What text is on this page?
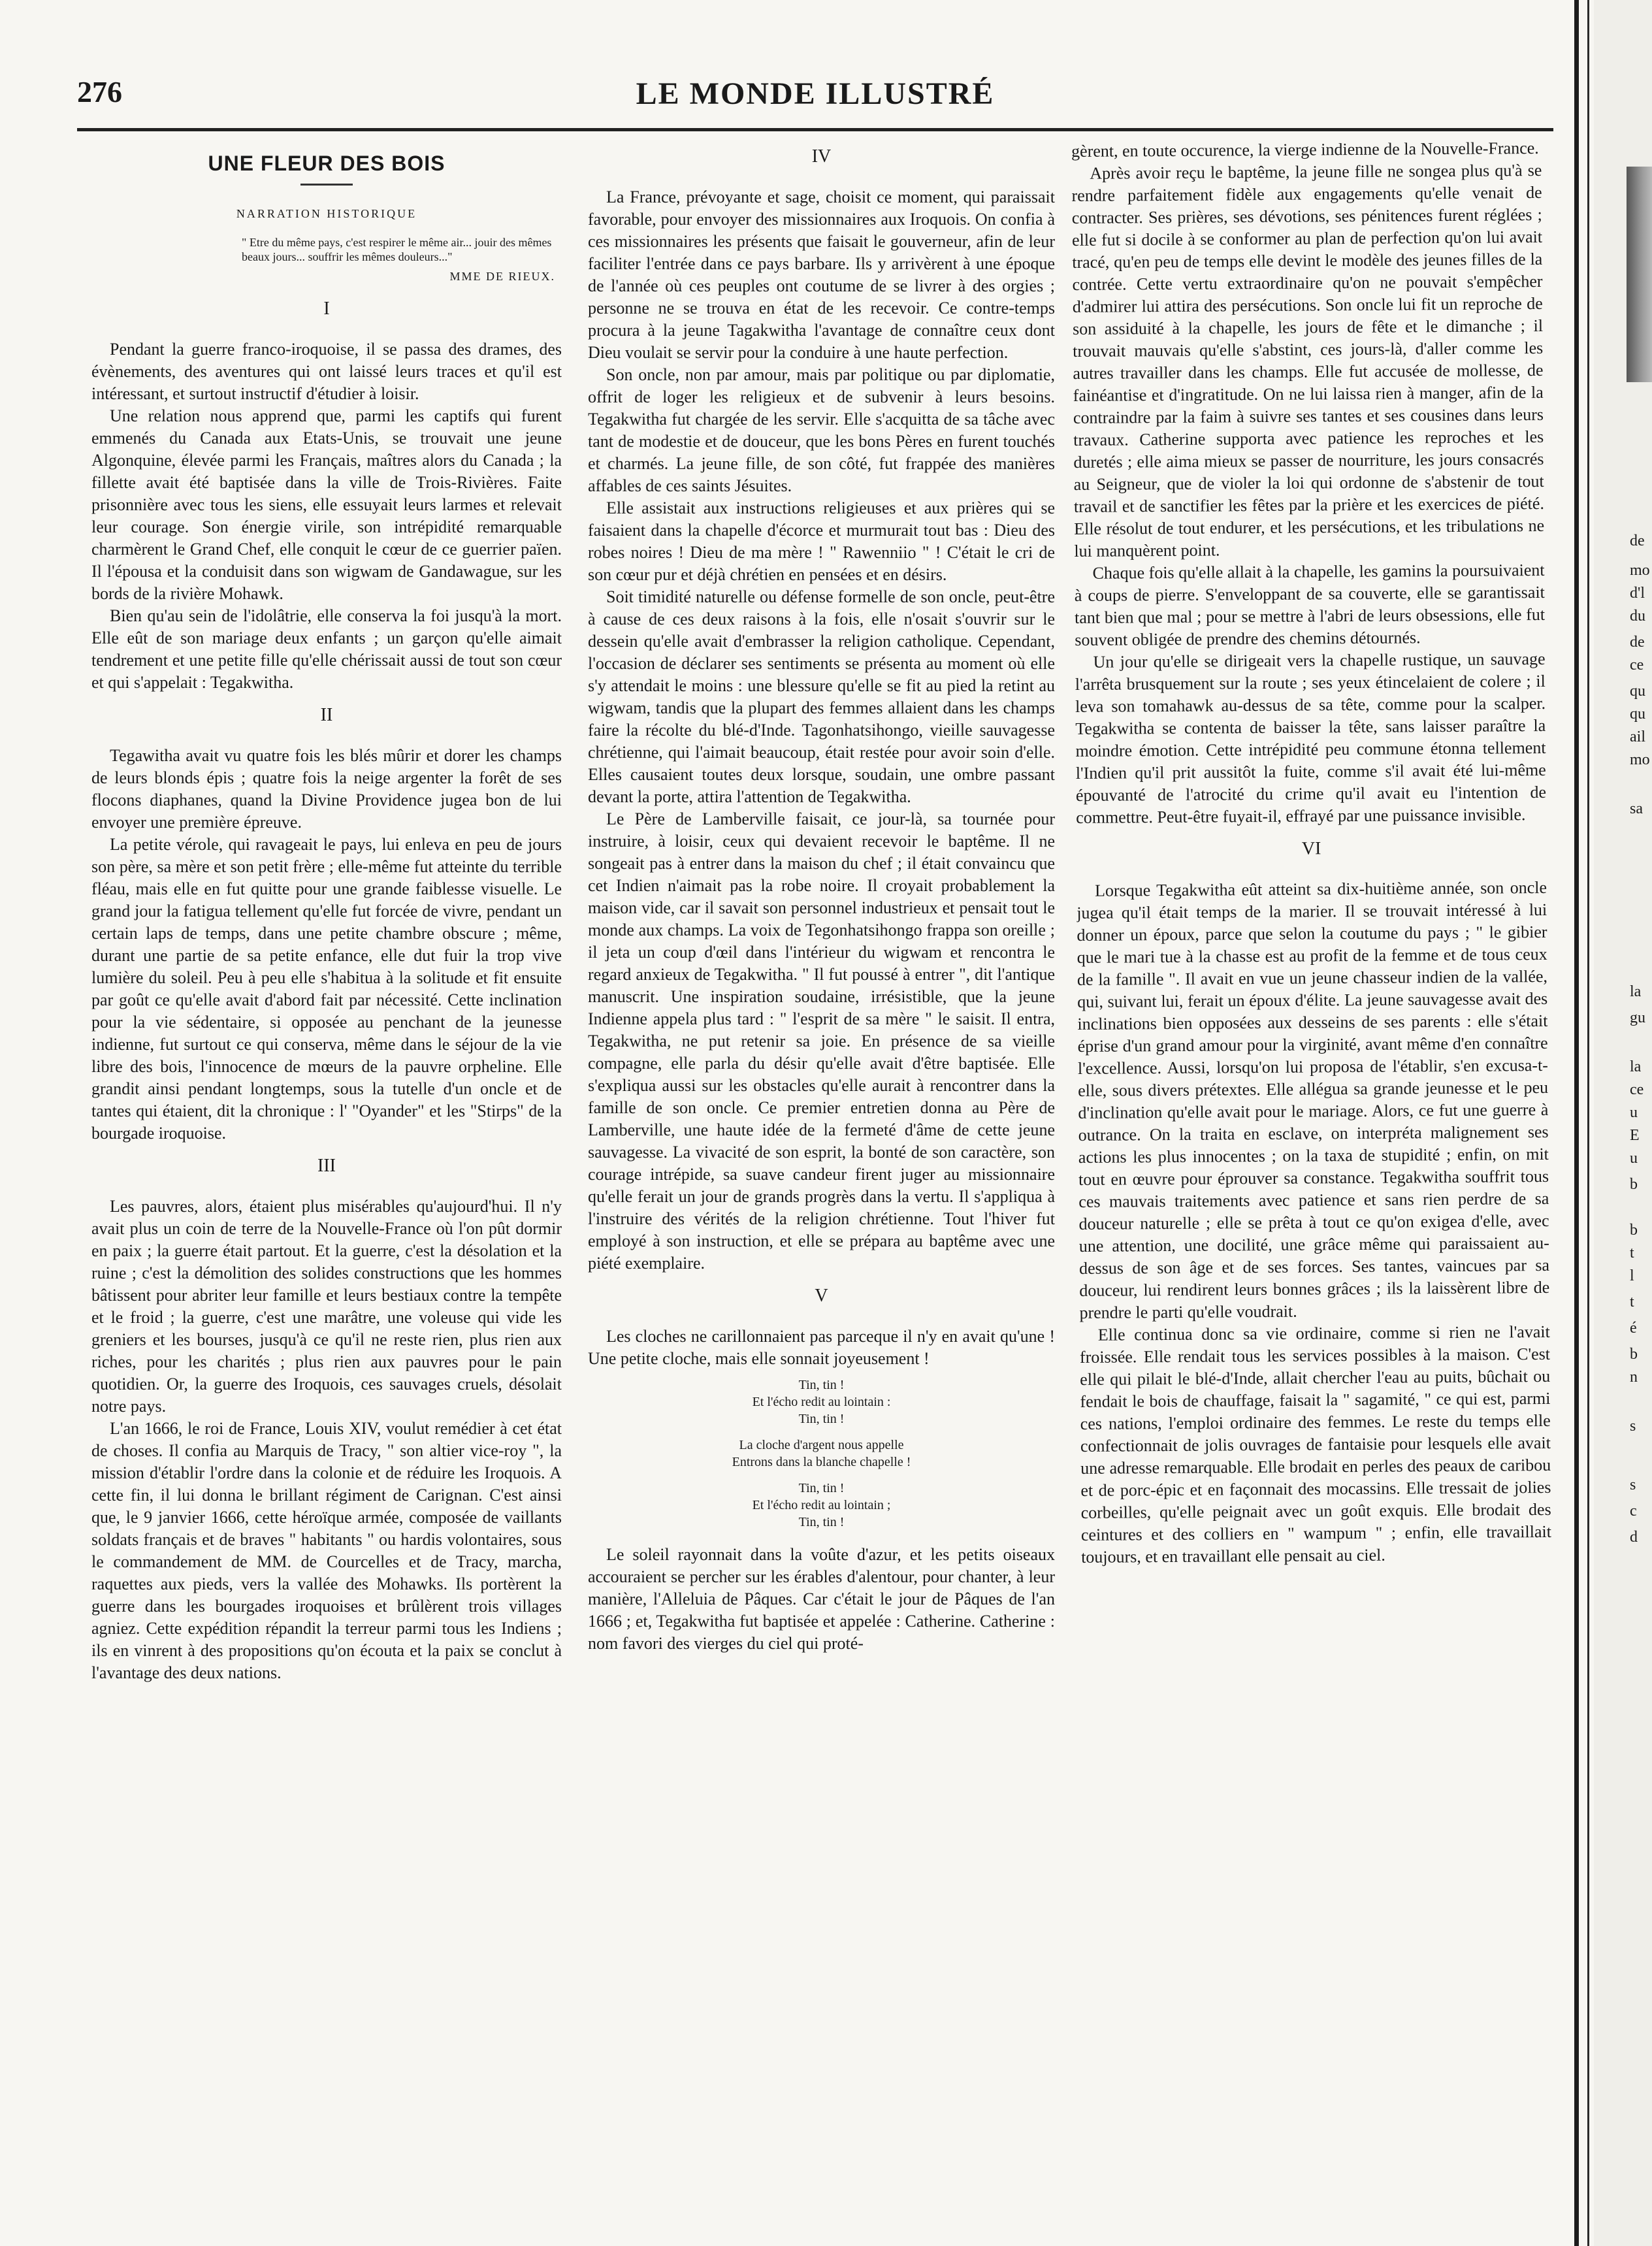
276	LE MONDE ILLUSTRÉ
UNE FLEUR DES BOIS
NARRATION HISTORIQUE
" Etre du même pays, c'est respirer le même air... jouir des mêmes beaux jours... souffrir les mêmes douleurs..."
MME DE RIEUX.
I

Pendant la guerre franco-iroquoise, il se passa des drames, des évènements, des aventures qui ont laissé leurs traces et qu'il est intéressant, et surtout instructif d'étudier à loisir.

Une relation nous apprend que, parmi les captifs qui furent emmenés du Canada aux Etats-Unis, se trouvait une jeune Algonquine, élevée parmi les Français, maîtres alors du Canada ; la fillette avait été baptisée dans la ville de Trois-Rivières. Faite prisonnière avec tous les siens, elle essuyait leurs larmes et relevait leur courage. Son énergie virile, son intrépidité remarquable charmèrent le Grand Chef, elle conquit le cœur de ce guerrier païen. Il l'épousa et la conduisit dans son wigwam de Gandawague, sur les bords de la rivière Mohawk.

Bien qu'au sein de l'idolâtrie, elle conserva la foi jusqu'à la mort. Elle eût de son mariage deux enfants ; un garçon qu'elle aimait tendrement et une petite fille qu'elle chérissait aussi de tout son cœur et qui s'appelait : Tegakwitha.

II

Tegawitha avait vu quatre fois les blés mûrir et dorer les champs de leurs blonds épis ; quatre fois la neige argenter la forêt de ses flocons diaphanes, quand la Divine Providence jugea bon de lui envoyer une première épreuve.

La petite vérole, qui ravageait le pays, lui enleva en peu de jours son père, sa mère et son petit frère ; elle-même fut atteinte du terrible fléau, mais elle en fut quitte pour une grande faiblesse visuelle. Le grand jour la fatigua tellement qu'elle fut forcée de vivre, pendant un certain laps de temps, dans une petite chambre obscure ; même, durant une partie de sa petite enfance, elle dut fuir la trop vive lumière du soleil. Peu à peu elle s'habitua à la solitude et fit ensuite par goût ce qu'elle avait d'abord fait par nécessité. Cette inclination pour la vie sédentaire, si opposée au penchant de la jeunesse indienne, fut surtout ce qui conserva, même dans le séjour de la vie libre des bois, l'innocence de mœurs de la pauvre orpheline. Elle grandit ainsi pendant longtemps, sous la tutelle d'un oncle et de tantes qui étaient, dit la chronique : l' "Oyander" et les "Stirps" de la bourgade iroquoise.

III

Les pauvres, alors, étaient plus misérables qu'aujourd'hui. Il n'y avait plus un coin de terre de la Nouvelle-France où l'on pût dormir en paix ; la guerre était partout. Et la guerre, c'est la désolation et la ruine ; c'est la démolition des solides constructions que les hommes bâtissent pour abriter leur famille et leurs bestiaux contre la tempête et le froid ; la guerre, c'est une marâtre, une voleuse qui vide les greniers et les bourses, jusqu'à ce qu'il ne reste rien, plus rien aux riches, pour les charités ; plus rien aux pauvres pour le pain quotidien. Or, la guerre des Iroquois, ces sauvages cruels, désolait notre pays.

L'an 1666, le roi de France, Louis XIV, voulut remédier à cet état de choses. Il confia au Marquis de Tracy, " son altier vice-roy ", la mission d'établir l'ordre dans la colonie et de réduire les Iroquois. A cette fin, il lui donna le brillant régiment de Carignan. C'est ainsi que, le 9 janvier 1666, cette héroïque armée, composée de vaillants soldats français et de braves " habitants " ou hardis volontaires, sous le commandement de MM. de Courcelles et de Tracy, marcha, raquettes aux pieds, vers la vallée des Mohawks. Ils portèrent la guerre dans les bourgades iroquoises et brûlèrent trois villages agniez. Cette expédition répandit la terreur parmi tous les Indiens ; ils en vinrent à des propositions qu'on écouta et la paix se conclut à l'avantage des deux nations.

IV

La France, prévoyante et sage, choisit ce moment, qui paraissait favorable, pour envoyer des missionnaires aux Iroquois. On confia à ces missionnaires les présents que faisait le gouverneur, afin de leur faciliter l'entrée dans ce pays barbare. Ils y arrivèrent à une époque de l'année où ces peuples ont coutume de se livrer à des orgies ; personne ne se trouva en état de les recevoir. Ce contre-temps procura à la jeune Tagakwitha l'avantage de connaître ceux dont Dieu voulait se servir pour la conduire à une haute perfection.

Son oncle, non par amour, mais par politique ou par diplomatie, offrit de loger les religieux et de subvenir à leurs besoins. Tegakwitha fut chargée de les servir. Elle s'acquitta de sa tâche avec tant de modestie et de douceur, que les bons Pères en furent touchés et charmés. La jeune fille, de son côté, fut frappée des manières affables de ces saints Jésuites.

Elle assistait aux instructions religieuses et aux prières qui se faisaient dans la chapelle d'écorce et murmurait tout bas : Dieu des robes noires ! Dieu de ma mère ! " Rawenniio " ! C'était le cri de son cœur pur et déjà chrétien en pensées et en désirs.

Soit timidité naturelle ou défense formelle de son oncle, peut-être à cause de ces deux raisons à la fois, elle n'osait s'ouvrir sur le dessein qu'elle avait d'embrasser la religion catholique. Cependant, l'occasion de déclarer ses sentiments se présenta au moment où elle s'y attendait le moins : une blessure qu'elle se fit au pied la retint au wigwam, tandis que la plupart des femmes allaient dans les champs faire la récolte du blé-d'Inde. Tagonhatsihongo, vieille sauvagesse chrétienne, qui l'aimait beaucoup, était restée pour avoir soin d'elle. Elles causaient toutes deux lorsque, soudain, une ombre passant devant la porte, attira l'attention de Tegakwitha.

Le Père de Lamberville faisait, ce jour-là, sa tournée pour instruire, à loisir, ceux qui devaient recevoir le baptême. Il ne songeait pas à entrer dans la maison du chef ; il était convaincu que cet Indien n'aimait pas la robe noire. Il croyait probablement la maison vide, car il savait son personnel industrieux et pensait tout le monde aux champs. La voix de Tegonhatsihongo frappa son oreille ; il jeta un coup d'œil dans l'intérieur du wigwam et rencontra le regard anxieux de Tegakwitha. " Il fut poussé à entrer ", dit l'antique manuscrit. Une inspiration soudaine, irrésistible, que la jeune Indienne appela plus tard : " l'esprit de sa mère " le saisit. Il entra, Tegakwitha, ne put retenir sa joie. En présence de sa vieille compagne, elle parla du désir qu'elle avait d'être baptisée. Elle s'expliqua aussi sur les obstacles qu'elle aurait à rencontrer dans la famille de son oncle. Ce premier entretien donna au Père de Lamberville, une haute idée de la fermeté d'âme de cette jeune sauvagesse. La vivacité de son esprit, la bonté de son caractère, son courage intrépide, sa suave candeur firent juger au missionnaire qu'elle ferait un jour de grands progrès dans la vertu. Il s'appliqua à l'instruire des vérités de la religion chrétienne. Tout l'hiver fut employé à son instruction, et elle se prépara au baptême avec une piété exemplaire.

V

Les cloches ne carillonnaient pas parceque il n'y en avait qu'une ! Une petite cloche, mais elle sonnait joyeusement !

Tin, tin !
Et l'écho redit au lointain :
Tin, tin !
La cloche d'argent nous appelle
Entrons dans la blanche chapelle !
Tin, tin !
Et l'écho redit au lointain ;
Tin, tin !

Le soleil rayonnait dans la voûte d'azur, et les petits oiseaux accouraient se percher sur les érables d'alentour, pour chanter, à leur manière, l'Alleluia de Pâques. Car c'était le jour de Pâques de l'an 1666 ; et, Tegakwitha fut baptisée et appelée : Catherine. Catherine : nom favori des vierges du ciel qui proté-

gèrent, en toute occurence, la vierge indienne de la Nouvelle-France.

Après avoir reçu le baptême, la jeune fille ne songea plus qu'à se rendre parfaitement fidèle aux engagements qu'elle venait de contracter. Ses prières, ses dévotions, ses pénitences furent réglées ; elle fut si docile à se conformer au plan de perfection qu'on lui avait tracé, qu'en peu de temps elle devint le modèle des jeunes filles de la contrée. Cette vertu extraordinaire qu'on ne pouvait s'empêcher d'admirer lui attira des persécutions. Son oncle lui fit un reproche de son assiduité à la chapelle, les jours de fête et le dimanche ; il trouvait mauvais qu'elle s'abstint, ces jours-là, d'aller comme les autres travailler dans les champs. Elle fut accusée de mollesse, de fainéantise et d'ingratitude. On ne lui laissa rien à manger, afin de la contraindre par la faim à suivre ses tantes et ses cousines dans leurs travaux. Catherine supporta avec patience les reproches et les duretés ; elle aima mieux se passer de nourriture, les jours consacrés au Seigneur, que de violer la loi qui ordonne de s'abstenir de tout travail et de sanctifier les fêtes par la prière et les exercices de piété. Elle résolut de tout endurer, et les persécutions, et les tribulations ne lui manquèrent point.

Chaque fois qu'elle allait à la chapelle, les gamins la poursuivaient à coups de pierre. S'enveloppant de sa couverte, elle se garantissait tant bien que mal ; pour se mettre à l'abri de leurs obsessions, elle fut souvent obligée de prendre des chemins détournés.

Un jour qu'elle se dirigeait vers la chapelle rustique, un sauvage l'arrêta brusquement sur la route ; ses yeux étincelaient de colere ; il leva son tomahawk au-dessus de sa tête, comme pour la scalper. Tegakwitha se contenta de baisser la tête, sans laisser paraître la moindre émotion. Cette intrépidité peu commune étonna tellement l'Indien qu'il prit aussitôt la fuite, comme s'il avait été lui-même épouvanté de l'atrocité du crime qu'il avait eu l'intention de commettre. Peut-être fuyait-il, effrayé par une puissance invisible.

VI

Lorsque Tegakwitha eût atteint sa dix-huitième année, son oncle jugea qu'il était temps de la marier. Il se trouvait intéressé à lui donner un époux, parce que selon la coutume du pays ; " le gibier que le mari tue à la chasse est au profit de la femme et de tous ceux de la famille ". Il avait en vue un jeune chasseur indien de la vallée, qui, suivant lui, ferait un époux d'élite. La jeune sauvagesse avait des inclinations bien opposées aux desseins de ses parents : elle s'était éprise d'un grand amour pour la virginité, avant même d'en connaître l'excellence. Aussi, lorsqu'on lui proposa de l'établir, s'en excusa-t-elle, sous divers prétextes. Elle allégua sa grande jeunesse et le peu d'inclination qu'elle avait pour le mariage. Alors, ce fut une guerre à outrance. On la traita en esclave, on interpréta malignement ses actions les plus innocentes ; on la taxa de stupidité ; enfin, on mit tout en œuvre pour éprouver sa constance. Tegakwitha souffrit tous ces mauvais traitements avec patience et sans rien perdre de sa douceur naturelle ; elle se prêta à tout ce qu'on exigea d'elle, avec une attention, une docilité, une grâce même qui paraissaient au-dessus de son âge et de ses forces. Ses tantes, vaincues par sa douceur, lui rendirent leurs bonnes grâces ; ils la laissèrent libre de prendre le parti qu'elle voudrait.

Elle continua donc sa vie ordinaire, comme si rien ne l'avait froissée. Elle rendait tous les services possibles à la maison. C'est elle qui pilait le blé-d'Inde, allait chercher l'eau au puits, bûchait ou fendait le bois de chauffage, faisait la " sagamité, " ce qui est, parmi ces nations, l'emploi ordinaire des femmes. Le reste du temps elle confectionnait de jolis ouvrages de fantaisie pour lesquels elle avait une adresse remarquable. Elle brodait en perles des peaux de caribou et de porc-épic et en façonnait des mocassins. Elle tressait de jolies corbeilles, qu'elle peignait avec un goût exquis. Elle brodait des ceintures et des colliers en " wampum " ; enfin, elle travaillait toujours, et en travaillant elle pensait au ciel.

de
mo
d'l
du
de
ce
qu
qu
ail
mo
sa
la
gu
la
ce
u
E
u
b
b
t
l
t
é
b
n
s
s
c
d
